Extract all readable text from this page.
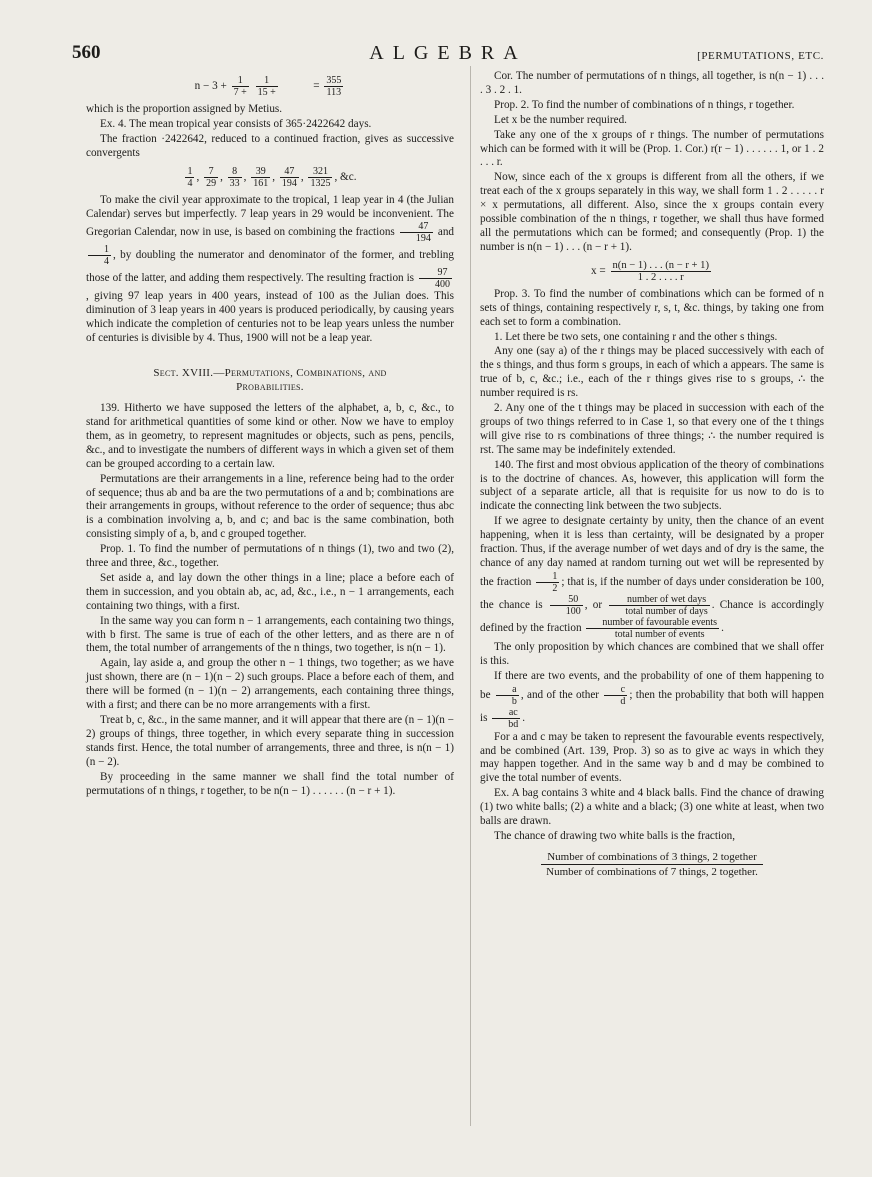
560	ALGEBRA	[PERMUTATIONS, ETC.
$n - 3 + \frac{1}{7 +}$
$\frac{1}{15 +}$	= $\frac{355}{113}$

which is the proportion assigned by Metius.

Ex. 4. The mean tropical year consists of 365·2422642 days.

The fraction ·2422642, reduced to a continued fraction, gives as successive convergents

$\frac{1}{4}$ , $\frac{7}{29}$ , $\frac{8}{33}$ , $\frac{39}{161}$ , $\frac{47}{194}$ , $\frac{321}{1325}$ , &c.

To make the civil year approximate to the tropical, 1 leap year in 4 (the Julian Calendar) serves but imperfectly. 7 leap years in 29 would be inconvenient. The Gregorian Calendar, now in use, is based on combining the fractions $\frac{47}{194}$ and
$\frac{1}{4}$ , by doubling the numerator and denominator of the former, and trebling those of the latter, and adding them respectively. The resulting fraction is $\frac{97}{400}$
, giving 97 leap years in 400 years, instead of 100 as the Julian does. This diminution of 3 leap years in 400 years is produced periodically, by causing years which indicate the completion of centuries not to be leap years unless the number of centuries is divisible by 4. Thus, 1900 will not be a leap year.

Sect. XVIII.—Permutations, Combinations, and
Probabilities.

139. Hitherto we have supposed the letters of the alphabet, a, b, c, &c., to stand for arithmetical quantities of some kind or other. Now we have to employ them, as in geometry, to represent magnitudes or objects, such as pens, pencils, &c., and to investigate the numbers of different ways in which a given set of them can be grouped according to a certain law.

Permutations are their arrangements in a line, reference being had to the order of sequence; thus ab and ba are the two permutations of a and b; combinations are their arrangements in groups, without reference to the order of sequence; thus abc is a combination involving a, b, and c; and bac is the same combination, both consisting simply of a, b, and c grouped together.

Prop. 1. To find the number of permutations of n things (1), two and two (2), three and three, &c., together.

Set aside a, and lay down the other things in a line; place a before each of them in succession, and you obtain ab, ac, ad, &c., i.e., n − 1 arrangements, each containing two things, with a first.

In the same way you can form n − 1 arrangements, each containing two things, with b first. The same is true of each of the other letters, and as there are n of them, the total number of arrangements of the n things, two together, is n(n − 1).

Again, lay aside a, and group the other n − 1 things, two together; as we have just shown, there are (n − 1)(n − 2) such groups. Place a before each of them, and there will be formed (n − 1)(n − 2) arrangements, each containing three things, with a first; and there can be no more arrangements with a first.

Treat b, c, &c., in the same manner, and it will appear that there are (n − 1)(n − 2) groups of things, three together, in which every separate thing in succession stands first. Hence, the total number of arrangements, three and three, is n(n − 1)(n − 2).

By proceeding in the same manner we shall find the total number of permutations of n things, r together, to be n(n − 1) . . . . . . (n − r + 1).

Cor. The number of permutations of n things, all together, is n(n − 1) . . . . 3 . 2 . 1.

Prop. 2. To find the number of combinations of n things, r together.

Let x be the number required.

Take any one of the x groups of r things. The number of permutations which can be formed with it will be (Prop. 1. Cor.) r(r − 1) . . . . . . 1, or 1 . 2 . . . r.

Now, since each of the x groups is different from all the others, if we treat each of the x groups separately in this way, we shall form 1 . 2 . . . . . r × x permutations, all different. Also, since the x groups contain every possible combination of the n things, r together, we shall thus have formed all the permutations which can be formed; and consequently (Prop. 1) the number is n(n − 1) . . . (n − r + 1).

$x = \frac{n(n - 1) . . . (n - r + 1)}{1 . 2 . . . . r}$

Prop. 3. To find the number of combinations which can be formed of n sets of things, containing respectively r, s, t, &c. things, by taking one from each set to form a combination.

1. Let there be two sets, one containing r and the other s things.

Any one (say a) of the r things may be placed successively with each of the s things, and thus form s groups, in each of which a appears. The same is true of b, c, &c.; i.e., each of the r things gives rise to s groups, ∴ the number required is rs.

2. Any one of the t things may be placed in succession with each of the groups of two things referred to in Case 1, so that every one of the t things will give rise to rs combinations of three things; ∴ the number required is rst. The same may be indefinitely extended.

140. The first and most obvious application of the theory of combinations is to the doctrine of chances. As, however, this application will form the subject of a separate article, all that is requisite for us now to do is to indicate the connecting link between the two subjects.

If we agree to designate certainty by unity, then the chance of an event happening, when it is less than certainty, will be designated by a proper fraction. Thus, if the average number of wet days and of dry is the same, the chance of any day named at random turning out wet will be represented by the fraction $\frac{1}{2}$ ; that is, if the number of days under consideration be 100, the chance is $\frac{50}{100}$ , or $\frac{\text{number of wet days}}{\text{total number of days}}$ . Chance is accordingly defined by the fraction $\frac{\text{number of favourable events}}{\text{total number of events}}$ .

The only proposition by which chances are combined that we shall offer is this.

If there are two events, and the probability of one of them happening to be $\frac{a}{b}$ , and of the other $\frac{c}{d}$ ; then the probability that both will happen is $\frac{ac}{bd}$ .

For a and c may be taken to represent the favourable events respectively, and be combined (Art. 139, Prop. 3) so as to give ac ways in which they may happen together. And in the same way b and d may be combined to give the total number of events.

Ex. A bag contains 3 white and 4 black balls. Find the chance of drawing (1) two white balls; (2) a white and a black; (3) one white at least, when two balls are drawn.

The chance of drawing two white balls is the fraction,

Number of combinations of 3 things, 2 together
Number of combinations of 7 things, 2 together.
